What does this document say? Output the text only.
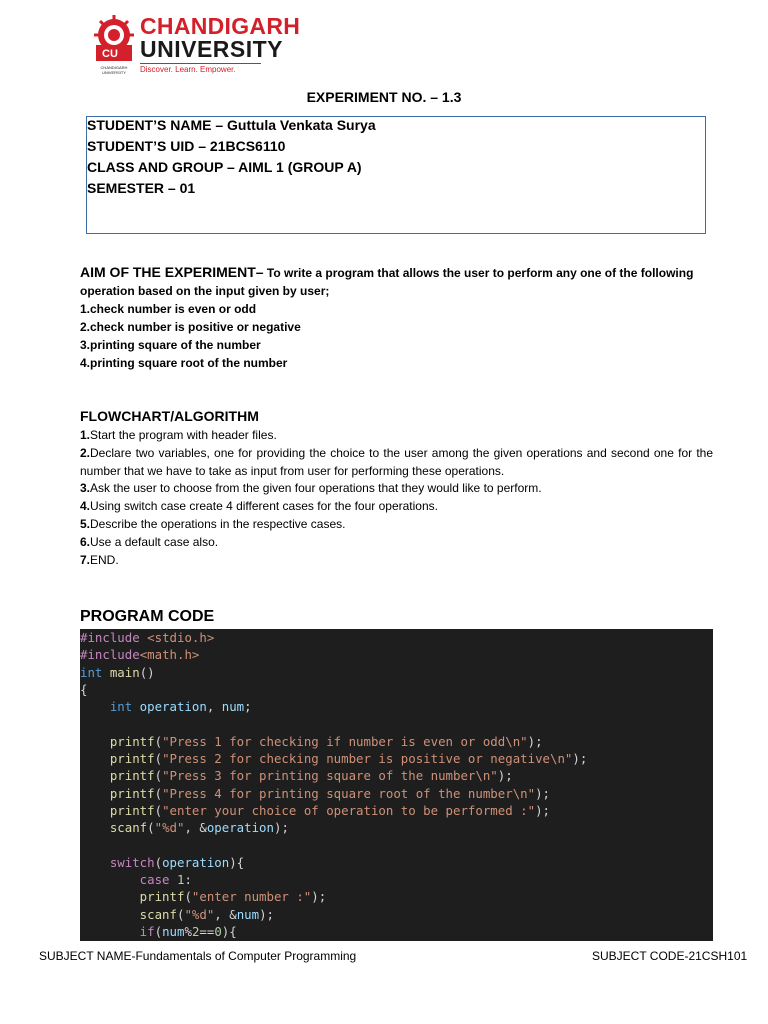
CU
CHANDIGARH UNIVERSITY
CHANDIGARH
UNIVERSITY
Discover. Learn. Empower.
EXPERIMENT NO. – 1.3
STUDENT’S NAME – Guttula Venkata Surya
STUDENT’S UID – 21BCS6110
CLASS AND GROUP – AIML 1 (GROUP A)
SEMESTER – 01
AIM OF THE EXPERIMENT– To write a program that allows the user to perform any one of the following operation based on the input given by user;
1.check number is even or odd
2.check number is positive or negative
3.printing square of the number
4.printing square root of the number
FLOWCHART/ALGORITHM
1.Start the program with header files.
2.Declare two variables, one for providing the choice to the user among the given operations and second one for the number that we have to take as input from user for performing these operations.
3.Ask the user to choose from the given four operations that they would like to perform.
4.Using switch case create 4 different cases for the four operations.
5.Describe the operations in the respective cases.
6.Use a default case also.
7.END.
PROGRAM CODE
#include <stdio.h>
#include<math.h>
int main()
{
int operation, num;
printf("Press 1 for checking if number is even or odd\n");
printf("Press 2 for checking number is positive or negative\n");
printf("Press 3 for printing square of the number\n");
printf("Press 4 for printing square root of the number\n");
printf("enter your choice of operation to be performed :");
scanf("%d", &operation);
switch(operation){
case 1:
printf("enter number :");
scanf("%d", &num);
if(num%2==0){
SUBJECT NAME-Fundamentals of Computer Programming	SUBJECT CODE-21CSH101
